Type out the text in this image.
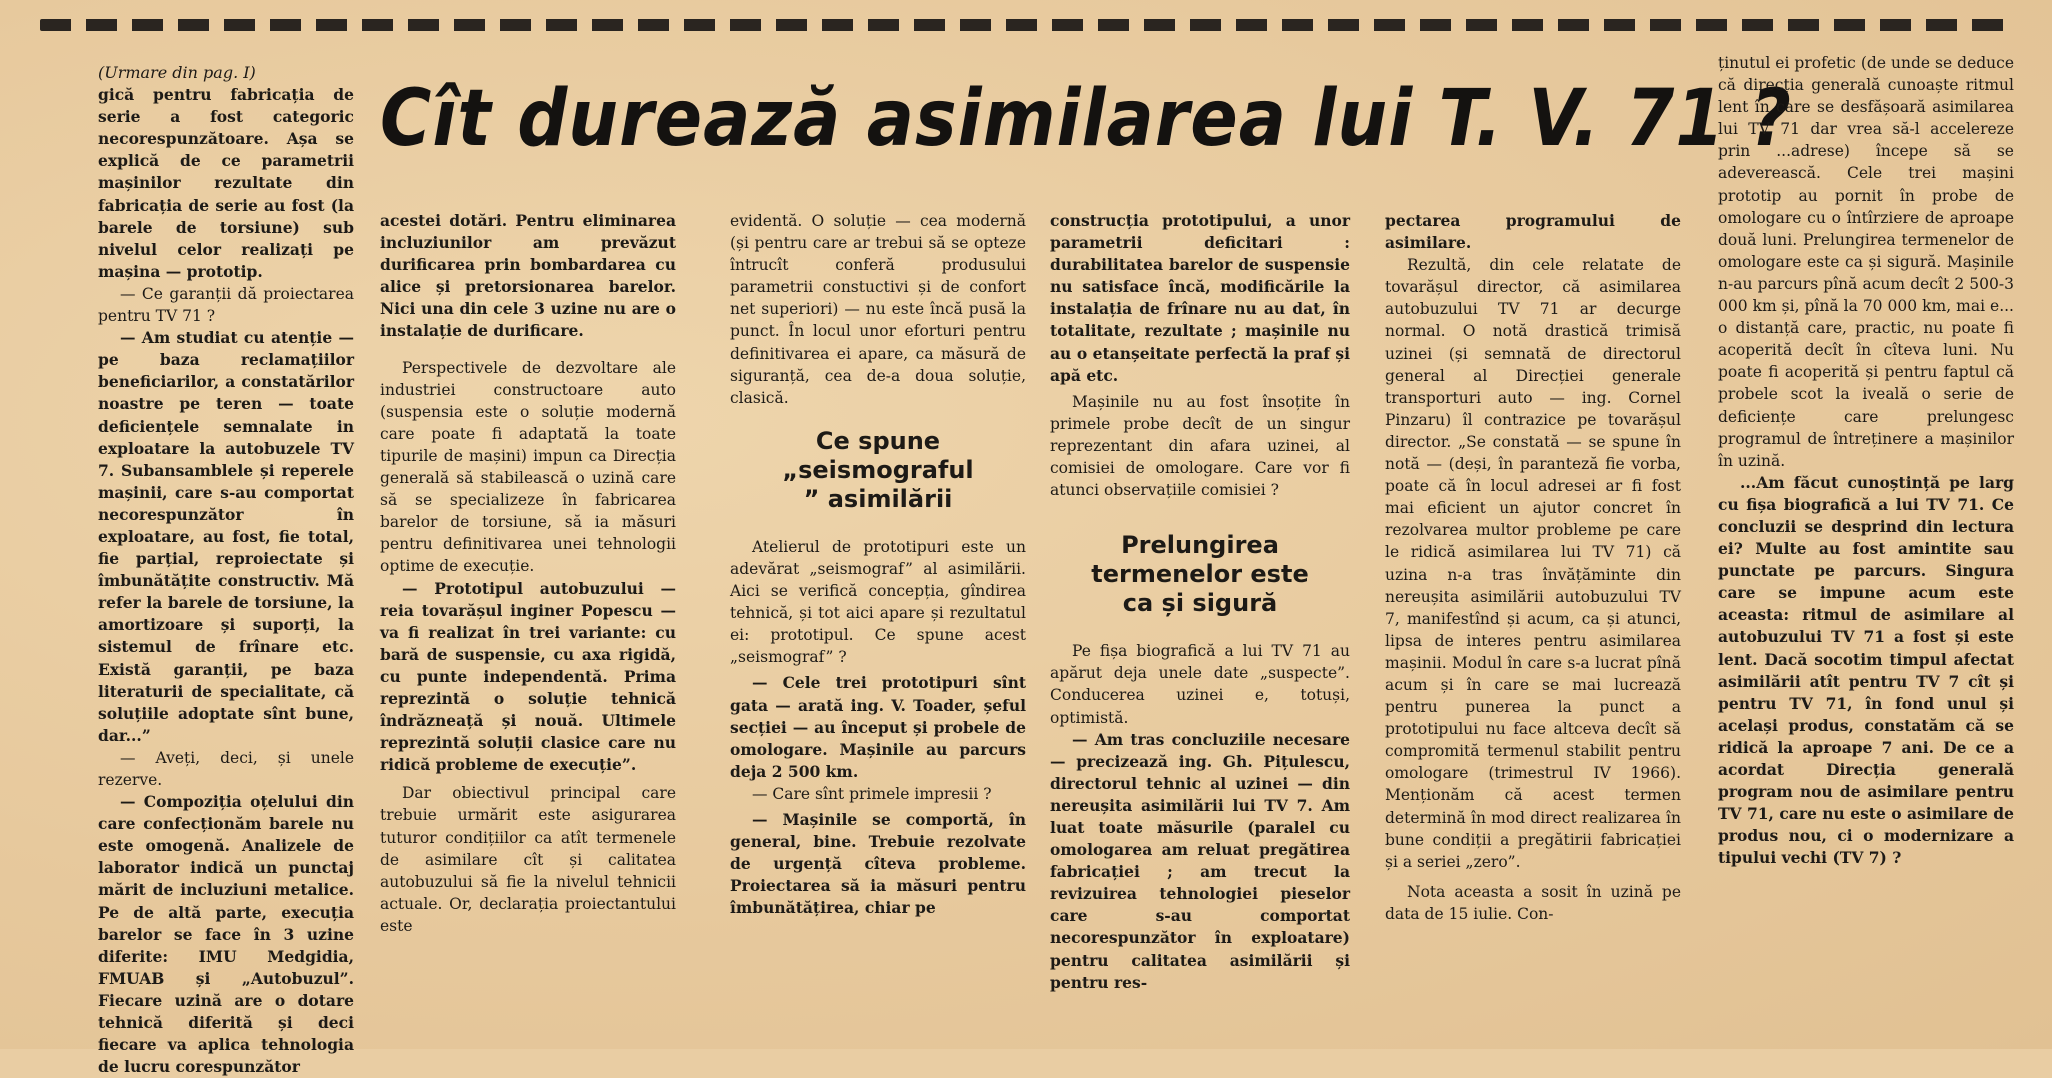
(Urmare din pag. I)

gică pentru fabricația de serie a fost categoric necorespunzătoare. Așa se explică de ce parametrii mașinilor rezultate din fabricația de serie au fost (la barele de torsiune) sub nivelul celor realizați pe mașina — prototip.

— Ce garanții dă proiectarea pentru TV 71 ?

— Am studiat cu atenție — pe baza reclamațiilor beneficiarilor, a constatărilor noastre pe teren — toate deficiențele semnalate in exploatare la autobuzele TV 7. Subansamblele și reperele mașinii, care s-au comportat necorespunzător în exploatare, au fost, fie total, fie parțial, reproiectate și îmbunătățite constructiv. Mă refer la barele de torsiune, la amortizoare și suporți, la sistemul de frînare etc. Există garanții, pe baza literaturii de specialitate, că soluțiile adoptate sînt bune, dar...”

— Aveți, deci, și unele rezerve.

— Compoziția oțelului din care confecționăm barele nu este omogenă. Analizele de laborator indică un punctaj mărit de incluziuni metalice. Pe de altă parte, execuția barelor se face în 3 uzine diferite: IMU Medgidia, FMUAB și „Autobuzul”. Fiecare uzină are o dotare tehnică diferită și deci fiecare va aplica tehnologia de lucru corespunzător

Cît durează asimilarea lui T. V. 71 ?

acestei dotări. Pentru eliminarea incluziunilor am prevăzut durificarea prin bombardarea cu alice și pretorsionarea barelor. Nici una din cele 3 uzine nu are o instalație de durificare.

Perspectivele de dezvoltare ale industriei constructoare auto (suspensia este o soluție modernă care poate fi adaptată la toate tipurile de mașini) impun ca Direcția generală să stabilească o uzină care să se specializeze în fabricarea barelor de torsiune, să ia măsuri pentru definitivarea unei tehnologii optime de execuție.

— Prototipul autobuzului — reia tovarășul inginer Popescu — va fi realizat în trei variante: cu bară de suspensie, cu axa rigidă, cu punte independentă. Prima reprezintă o soluție tehnică îndrăzneață și nouă. Ultimele reprezintă soluții clasice care nu ridică probleme de execuție”.

Dar obiectivul principal care trebuie urmărit este asigurarea tuturor condițiilor ca atît termenele de asimilare cît și calitatea autobuzului să fie la nivelul tehnicii actuale. Or, declarația proiectantului este

evidentă. O soluție — cea modernă (și pentru care ar trebui să se opteze întrucît conferă produsului parametrii constuctivi și de confort net superiori) — nu este încă pusă la punct. În locul unor eforturi pentru definitivarea ei apare, ca măsură de siguranță, cea de-a doua soluție, clasică.

Ce spune „seismograful” asimilării

Atelierul de prototipuri este un adevărat „seismograf” al asimilării. Aici se verifică concepția, gîndirea tehnică, și tot aici apare și rezultatul ei: prototipul. Ce spune acest „seismograf” ?

— Cele trei prototipuri sînt gata — arată ing. V. Toader, șeful secției — au început și probele de omologare. Mașinile au parcurs deja 2 500 km.

— Care sînt primele impresii ?

— Mașinile se comportă, în general, bine. Trebuie rezolvate de urgență cîteva probleme. Proiectarea să ia măsuri pentru îmbunătățirea, chiar pe

construcția prototipului, a unor parametrii deficitari : durabilitatea barelor de suspensie nu satisface încă, modificările la instalația de frînare nu au dat, în totalitate, rezultate ; mașinile nu au o etanșeitate perfectă la praf și apă etc.

Mașinile nu au fost însoțite în primele probe decît de un singur reprezentant din afara uzinei, al comisiei de omologare. Care vor fi atunci observațiile comisiei ?

Prelungirea termenelor este ca și sigură

Pe fișa biografică a lui TV 71 au apărut deja unele date „suspecte”. Conducerea uzinei e, totuși, optimistă.

— Am tras concluziile necesare — precizează ing. Gh. Pițulescu, directorul tehnic al uzinei — din nereușita asimilării lui TV 7. Am luat toate măsurile (paralel cu omologarea am reluat pregătirea fabricației ; am trecut la revizuirea tehnologiei pieselor care s-au comportat necorespunzător în exploatare) pentru calitatea asimilării și pentru res-

pectarea programului de asimilare.

Rezultă, din cele relatate de tovarășul director, că asimilarea autobuzului TV 71 ar decurge normal. O notă drastică trimisă uzinei (și semnată de directorul general al Direcției generale transporturi auto — ing. Cornel Pinzaru) îl contrazice pe tovarășul director. „Se constată — se spune în notă — (deși, în paranteză fie vorba, poate că în locul adresei ar fi fost mai eficient un ajutor concret în rezolvarea multor probleme pe care le ridică asimilarea lui TV 71) că uzina n-a tras învățăminte din nereușita asimilării autobuzului TV 7, manifestînd și acum, ca și atunci, lipsa de interes pentru asimilarea mașinii. Modul în care s-a lucrat pînă acum și în care se mai lucrează pentru punerea la punct a prototipului nu face altceva decît să compromită termenul stabilit pentru omologare (trimestrul IV 1966). Menționăm că acest termen determină în mod direct realizarea în bune condiții a pregătirii fabricației și a seriei „zero”.

Nota aceasta a sosit în uzină pe data de 15 iulie. Con-

ținutul ei profetic (de unde se deduce că direcția generală cunoaște ritmul lent în care se desfășoară asimilarea lui TV 71 dar vrea să-l accelereze prin ...adrese) începe să se adeverească. Cele trei mașini prototip au pornit în probe de omologare cu o întîrziere de aproape două luni. Prelungirea termenelor de omologare este ca și sigură. Mașinile n-au parcurs pînă acum decît 2 500-3 000 km și, pînă la 70 000 km, mai e... o distanță care, practic, nu poate fi acoperită decît în cîteva luni. Nu poate fi acoperită și pentru faptul că probele scot la iveală o serie de deficiențe care prelungesc programul de întreținere a mașinilor în uzină.

...Am făcut cunoștință pe larg cu fișa biografică a lui TV 71. Ce concluzii se desprind din lectura ei? Multe au fost amintite sau punctate pe parcurs. Singura care se impune acum este aceasta: ritmul de asimilare al autobuzului TV 71 a fost și este lent. Dacă socotim timpul afectat asimilării atît pentru TV 7 cît și pentru TV 71, în fond unul și același produs, constatăm că se ridică la aproape 7 ani. De ce a acordat Direcția generală program nou de asimilare pentru TV 71, care nu este o asimilare de produs nou, ci o modernizare a tipului vechi (TV 7) ?
